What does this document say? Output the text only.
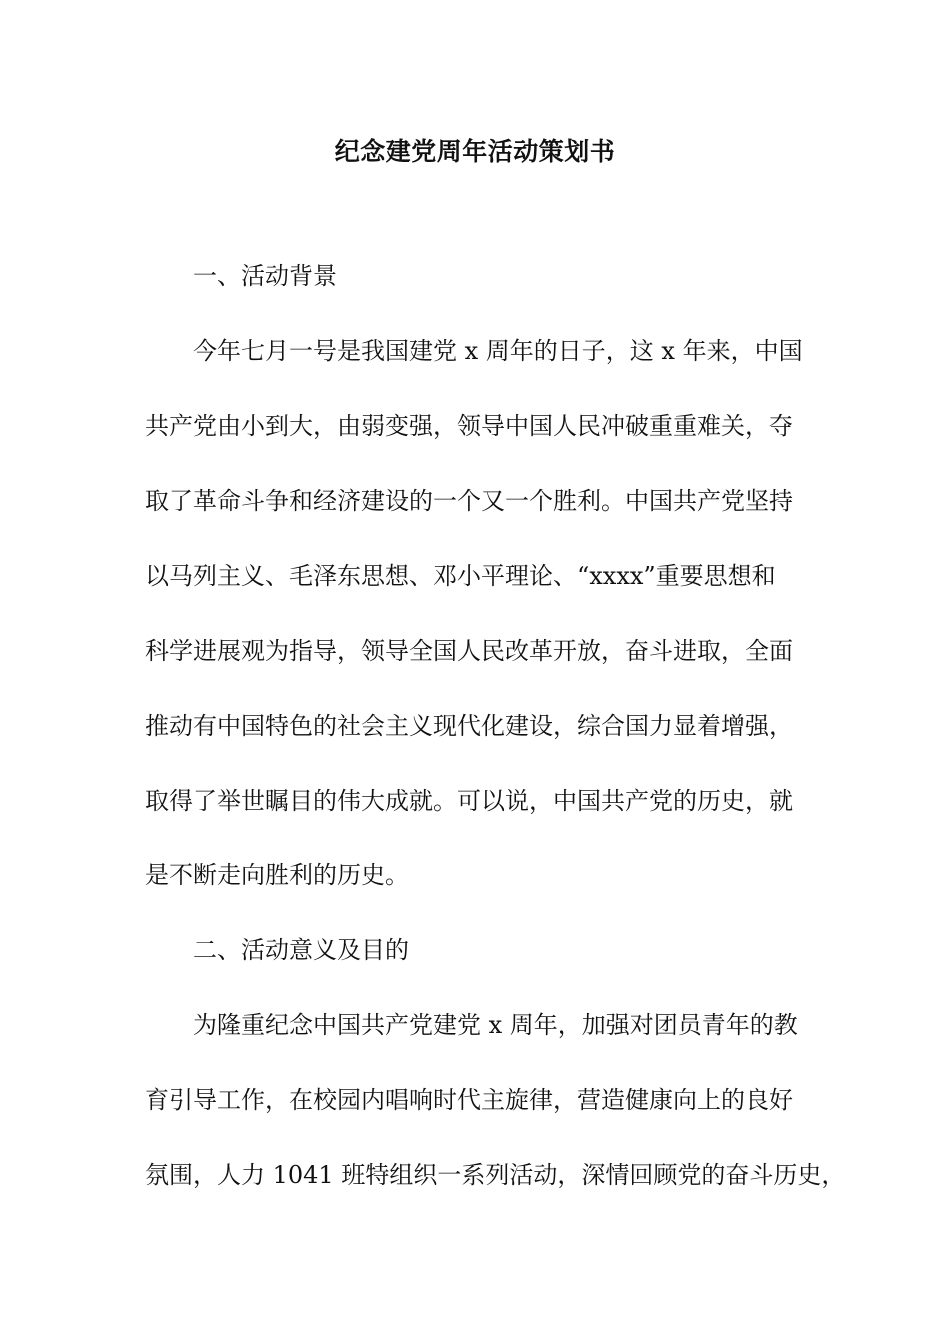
纪念建党周年活动策划书
一、活动背景
今年七月一号是我国建党 x 周年的日子，这 x 年来，中国
共产党由小到大，由弱变强，领导中国人民冲破重重难关，夺
取了革命斗争和经济建设的一个又一个胜利。中国共产党坚持
以马列主义、毛泽东思想、邓小平理论、“xxxx”重要思想和
科学进展观为指导，领导全国人民改革开放，奋斗进取，全面
推动有中国特色的社会主义现代化建设，综合国力显着增强，
取得了举世瞩目的伟大成就。可以说，中国共产党的历史，就
是不断走向胜利的历史。
二、活动意义及目的
为隆重纪念中国共产党建党 x 周年，加强对团员青年的教
育引导工作，在校园内唱响时代主旋律，营造健康向上的良好
氛围，人力 1041 班特组织一系列活动，深情回顾党的奋斗历史，
